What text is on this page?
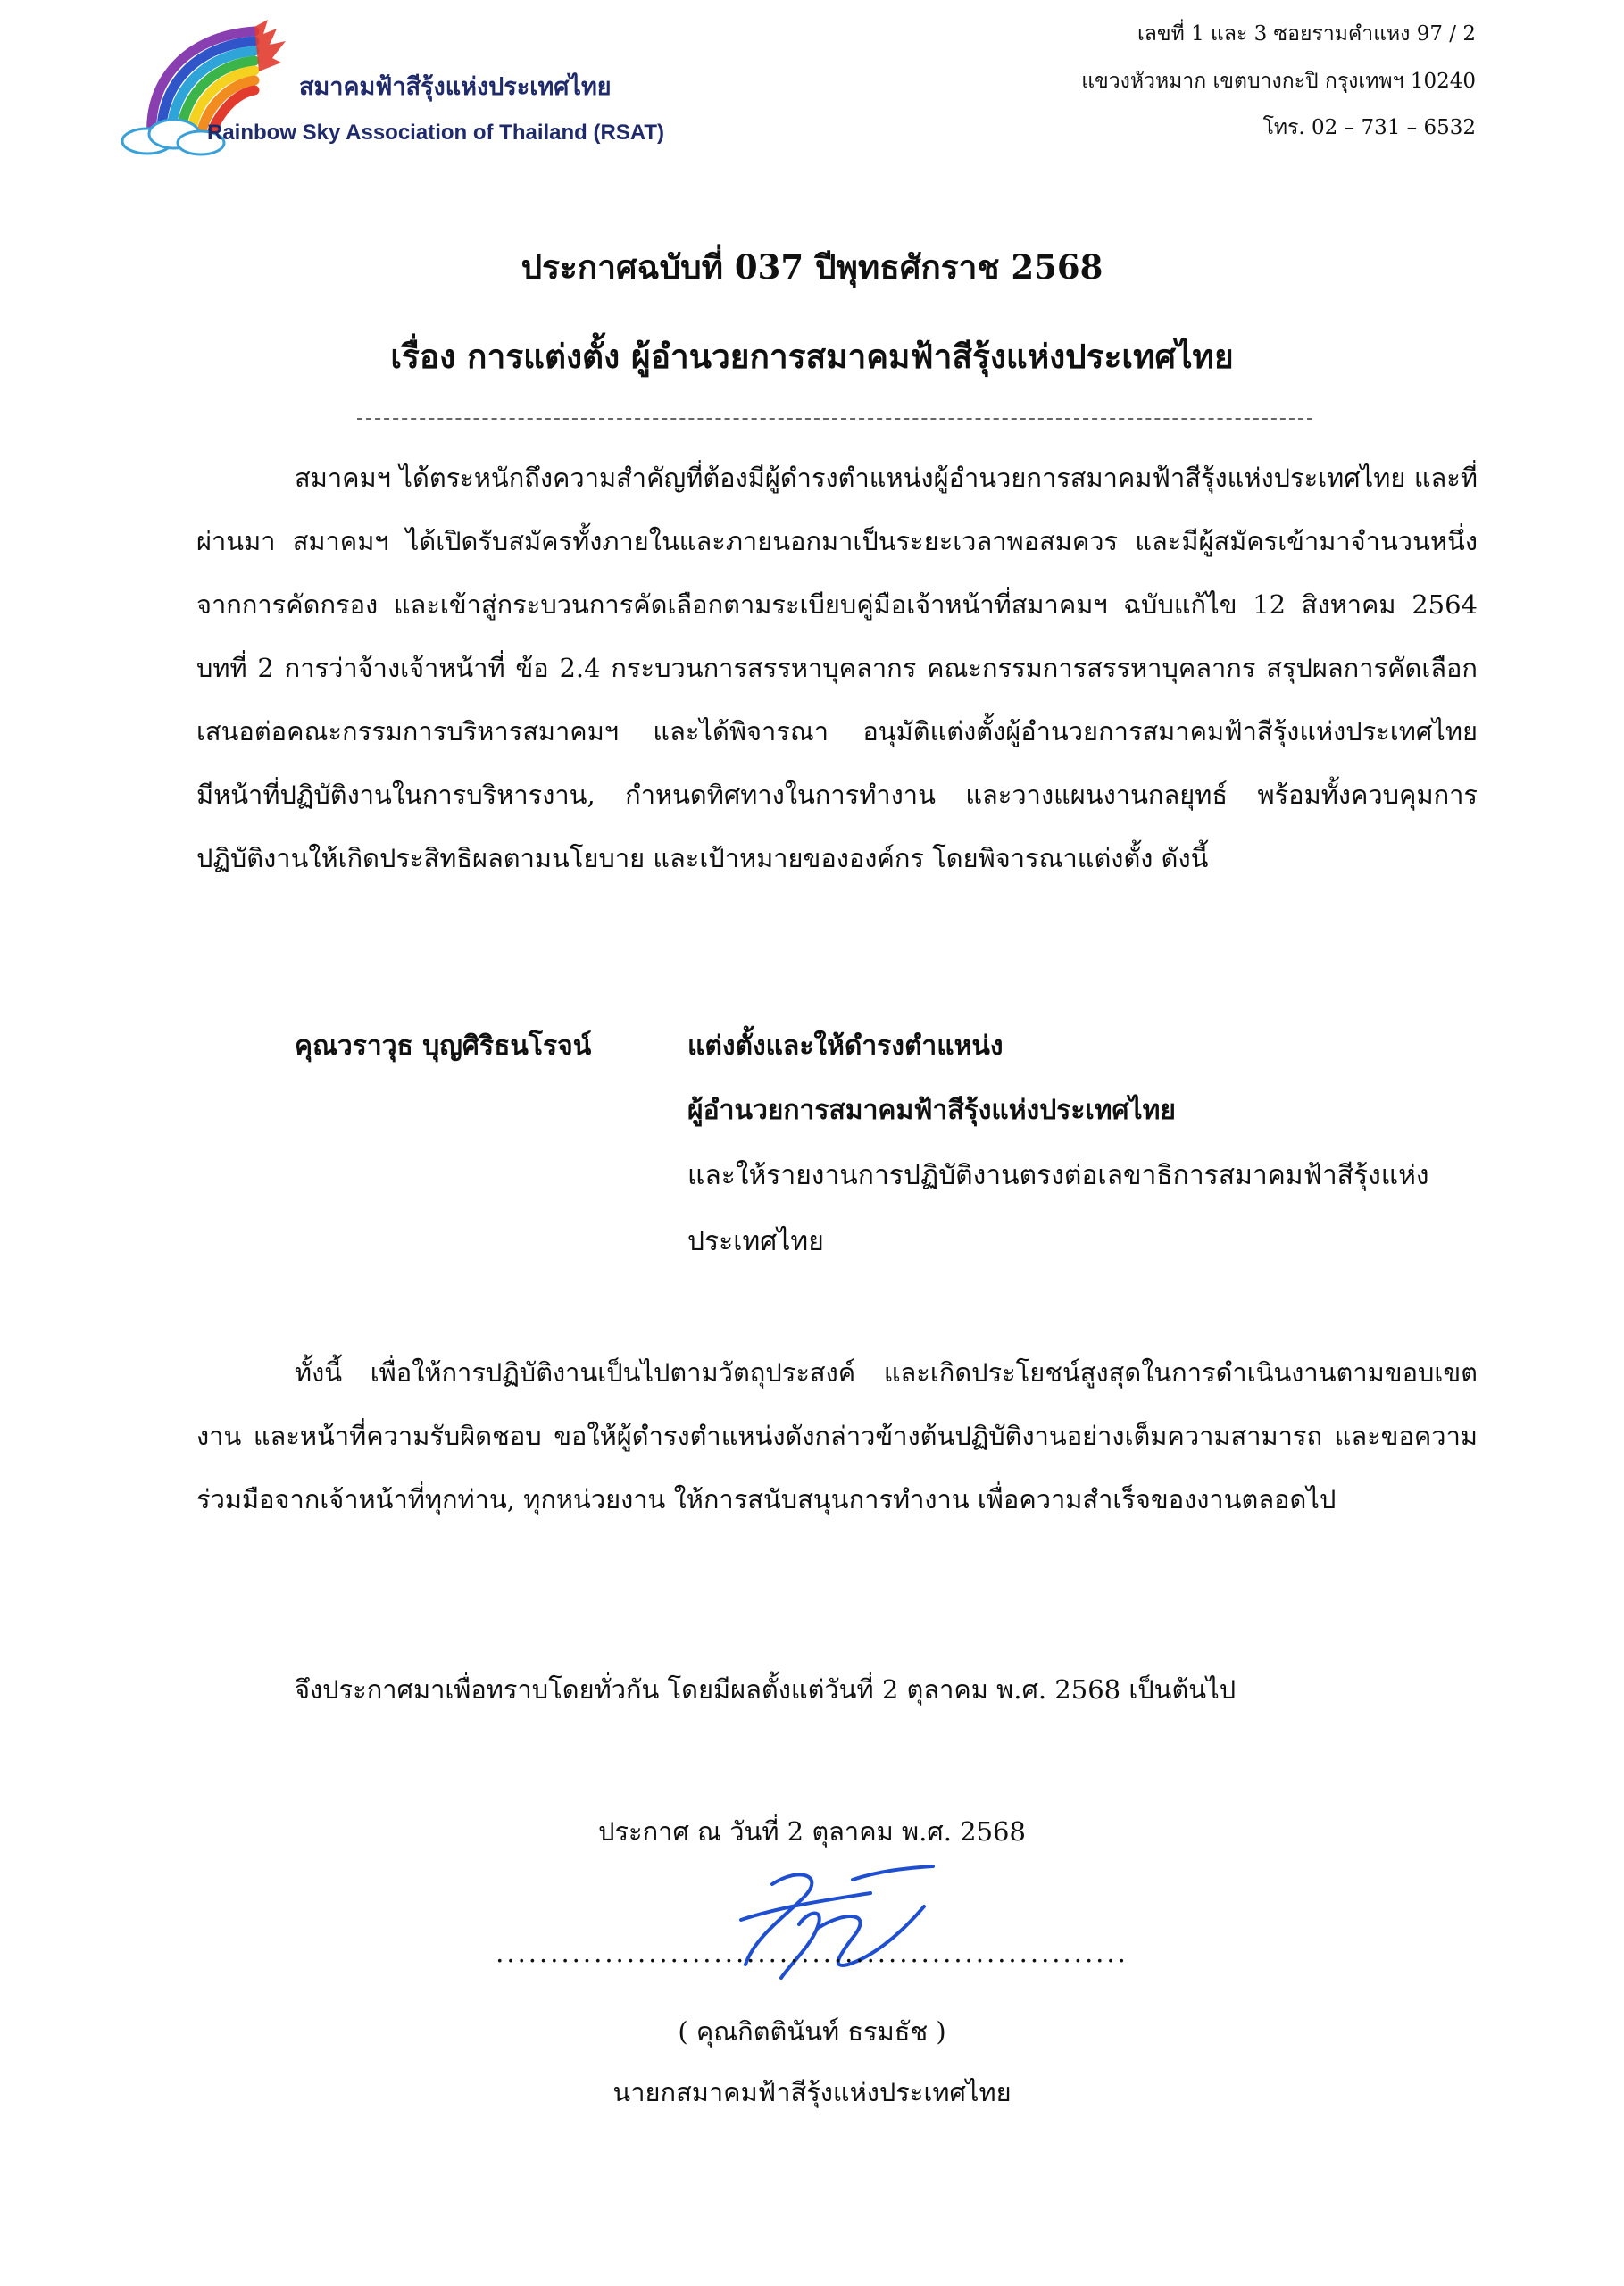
สมาคมฟ้าสีรุ้งแห่งประเทศไทย
Rainbow Sky Association of Thailand (RSAT)
เลขที่ 1 และ 3 ซอยรามคำแหง 97 / 2
แขวงหัวหมาก เขตบางกะปิ กรุงเทพฯ 10240
โทร. 02 – 731 – 6532
ประกาศฉบับที่ 037 ปีพุทธศักราช 2568
เรื่อง การแต่งตั้ง ผู้อำนวยการสมาคมฟ้าสีรุ้งแห่งประเทศไทย

สมาคมฯ ได้ตระหนักถึงความสำคัญที่ต้องมีผู้ดำรงตำแหน่งผู้อำนวยการสมาคมฟ้าสีรุ้งแห่งประเทศไทย และที่ผ่านมา สมาคมฯ ได้เปิดรับสมัครทั้งภายในและภายนอกมาเป็นระยะเวลาพอสมควร และมีผู้สมัครเข้ามาจำนวนหนึ่ง จากการคัดกรอง และเข้าสู่กระบวนการคัดเลือกตามระเบียบคู่มือเจ้าหน้าที่สมาคมฯ ฉบับแก้ไข 12 สิงหาคม 2564 บทที่ 2 การว่าจ้างเจ้าหน้าที่ ข้อ 2.4 กระบวนการสรรหาบุคลากร คณะกรรมการสรรหาบุคลากร สรุปผลการคัดเลือกเสนอต่อคณะกรรมการบริหารสมาคมฯ และได้พิจารณา อนุมัติแต่งตั้งผู้อำนวยการสมาคมฟ้าสีรุ้งแห่งประเทศไทยมีหน้าที่ปฏิบัติงานในการบริหารงาน, กำหนดทิศทางในการทำงาน และวางแผนงานกลยุทธ์ พร้อมทั้งควบคุมการปฏิบัติงานให้เกิดประสิทธิผลตามนโยบาย และเป้าหมายขององค์กร โดยพิจารณาแต่งตั้ง ดังนี้

คุณวราวุธ บุญศิริธนโรจน์	แต่งตั้งและให้ดำรงตำแหน่ง
ผู้อำนวยการสมาคมฟ้าสีรุ้งแห่งประเทศไทย
และให้รายงานการปฏิบัติงานตรงต่อเลขาธิการสมาคมฟ้าสีรุ้งแห่ง
ประเทศไทย

ทั้งนี้ เพื่อให้การปฏิบัติงานเป็นไปตามวัตถุประสงค์ และเกิดประโยชน์สูงสุดในการดำเนินงานตามขอบเขต งาน และหน้าที่ความรับผิดชอบ ขอให้ผู้ดำรงตำแหน่งดังกล่าวข้างต้นปฏิบัติงานอย่างเต็มความสามารถ และขอความร่วมมือจากเจ้าหน้าที่ทุกท่าน, ทุกหน่วยงาน ให้การสนับสนุนการทำงาน เพื่อความสำเร็จของงานตลอดไป

จึงประกาศมาเพื่อทราบโดยทั่วกัน โดยมีผลตั้งแต่วันที่ 2 ตุลาคม พ.ศ. 2568 เป็นต้นไป

ประกาศ ณ วันที่ 2 ตุลาคม พ.ศ. 2568
..........................................................
( คุณกิตตินันท์ ธรมธัช )
นายกสมาคมฟ้าสีรุ้งแห่งประเทศไทย
